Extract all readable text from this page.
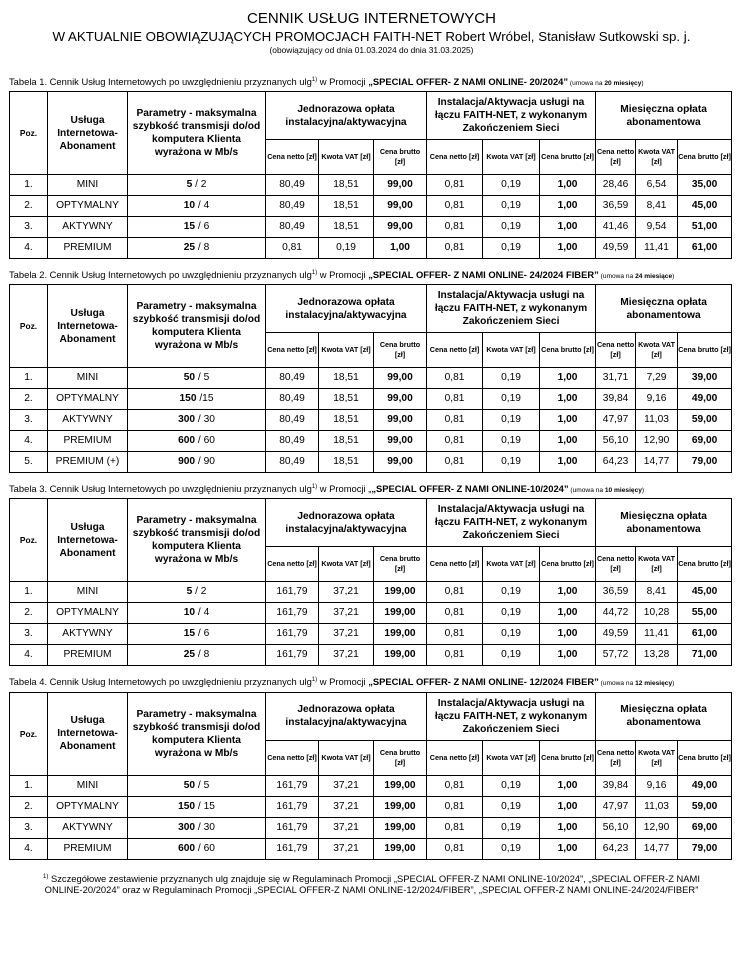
CENNIK USŁUG INTERNETOWYCH
W AKTUALNIE OBOWIĄZUJĄCYCH PROMOCJACH FAITH-NET Robert Wróbel, Stanisław Sutkowski sp. j.

(obowiązujący od dnia 01.03.2024 do dnia 31.03.2025)

Tabela 1. Cennik Usług Internetowych po uwzględnieniu przyznanych ulg$^{1)}$ w Promocji „SPECIAL OFFER- Z NAMI ONLINE- 20/2024” (umowa na 20 miesięcy)
Poz.	Usługa Internetowa-Abonament	Parametry - maksymalna szybkość transmisji do/od komputera Klienta wyrażona w Mb/s	Jednorazowa opłata instalacyjna/aktywacyjna			Instalacja/Aktywacja usługi na łączu FAITH-NET, z wykonanym Zakończeniem Sieci			Miesięczna opłata abonamentowa		
			Cena netto [zł]	Kwota VAT [zł]	Cena brutto [zł]	Cena netto [zł]	Kwota VAT [zł]	Cena brutto [zł]	Cena netto [zł]	Kwota VAT [zł]	Cena brutto [zł]
1.	MINI	5 / 2	80,49	18,51	99,00	0,81	0,19	1,00	28,46	6,54	35,00
2.	OPTYMALNY	10 / 4	80,49	18,51	99,00	0,81	0,19	1,00	36,59	8,41	45,00
3.	AKTYWNY	15 / 6	80,49	18,51	99,00	0,81	0,19	1,00	41,46	9,54	51,00
4.	PREMIUM	25 / 8	0,81	0,19	1,00	0,81	0,19	1,00	49,59	11,41	61,00
Tabela 2. Cennik Usług Internetowych po uwzględnieniu przyznanych ulg$^{1)}$ w Promocji „SPECIAL OFFER- Z NAMI ONLINE- 24/2024 FIBER” (umowa na 24 miesiące)
Poz.	Usługa Internetowa-Abonament	Parametry - maksymalna szybkość transmisji do/od komputera Klienta wyrażona w Mb/s	Jednorazowa opłata instalacyjna/aktywacyjna			Instalacja/Aktywacja usługi na łączu FAITH-NET, z wykonanym Zakończeniem Sieci			Miesięczna opłata abonamentowa		
			Cena netto [zł]	Kwota VAT [zł]	Cena brutto [zł]	Cena netto [zł]	Kwota VAT [zł]	Cena brutto [zł]	Cena netto [zł]	Kwota VAT [zł]	Cena brutto [zł]
1.	MINI	50 / 5	80,49	18,51	99,00	0,81	0,19	1,00	31,71	7,29	39,00
2.	OPTYMALNY	150 /15	80,49	18,51	99,00	0,81	0,19	1,00	39,84	9,16	49,00
3.	AKTYWNY	300 / 30	80,49	18,51	99,00	0,81	0,19	1,00	47,97	11,03	59,00
4.	PREMIUM	600 / 60	80,49	18,51	99,00	0,81	0,19	1,00	56,10	12,90	69,00
5.	PREMIUM (+)	900 / 90	80,49	18,51	99,00	0,81	0,19	1,00	64,23	14,77	79,00
Tabela 3. Cennik Usług Internetowych po uwzględnieniu przyznanych ulg$^{1)}$ w Promocji „„SPECIAL OFFER- Z NAMI ONLINE-10/2024” (umowa na 10 miesięcy)
Poz.	Usługa Internetowa-Abonament	Parametry - maksymalna szybkość transmisji do/od komputera Klienta wyrażona w Mb/s	Jednorazowa opłata instalacyjna/aktywacyjna			Instalacja/Aktywacja usługi na łączu FAITH-NET, z wykonanym Zakończeniem Sieci			Miesięczna opłata abonamentowa		
			Cena netto [zł]	Kwota VAT [zł]	Cena brutto [zł]	Cena netto [zł]	Kwota VAT [zł]	Cena brutto [zł]	Cena netto [zł]	Kwota VAT [zł]	Cena brutto [zł]
1.	MINI	5 / 2	161,79	37,21	199,00	0,81	0,19	1,00	36,59	8,41	45,00
2.	OPTYMALNY	10 / 4	161,79	37,21	199,00	0,81	0,19	1,00	44,72	10,28	55,00
3.	AKTYWNY	15 / 6	161,79	37,21	199,00	0,81	0,19	1,00	49,59	11,41	61,00
4.	PREMIUM	25 / 8	161,79	37,21	199,00	0,81	0,19	1,00	57,72	13,28	71,00
Tabela 4. Cennik Usług Internetowych po uwzględnieniu przyznanych ulg$^{1)}$ w Promocji „SPECIAL OFFER- Z NAMI ONLINE- 12/2024 FIBER” (umowa na 12 miesięcy)
Poz.	Usługa Internetowa-Abonament	Parametry - maksymalna szybkość transmisji do/od komputera Klienta wyrażona w Mb/s	Jednorazowa opłata instalacyjna/aktywacyjna			Instalacja/Aktywacja usługi na łączu FAITH-NET, z wykonanym Zakończeniem Sieci			Miesięczna opłata abonamentowa		
			Cena netto [zł]	Kwota VAT [zł]	Cena brutto [zł]	Cena netto [zł]	Kwota VAT [zł]	Cena brutto [zł]	Cena netto [zł]	Kwota VAT [zł]	Cena brutto [zł]
1.	MINI	50 / 5	161,79	37,21	199,00	0,81	0,19	1,00	39,84	9,16	49,00
2.	OPTYMALNY	150 / 15	161,79	37,21	199,00	0,81	0,19	1,00	47,97	11,03	59,00
3.	AKTYWNY	300 / 30	161,79	37,21	199,00	0,81	0,19	1,00	56,10	12,90	69,00
4.	PREMIUM	600 / 60	161,79	37,21	199,00	0,81	0,19	1,00	64,23	14,77	79,00

$^{1)}$ Szczegółowe zestawienie przyznanych ulg znajduje się w Regulaminach Promocji „SPECIAL OFFER-Z NAMI ONLINE-10/2024”, „SPECIAL OFFER-Z NAMI ONLINE-20/2024” oraz w Regulaminach Promocji „SPECIAL OFFER-Z NAMI ONLINE-12/2024/FIBER”, „SPECIAL OFFER-Z NAMI ONLINE-24/2024/FIBER”
